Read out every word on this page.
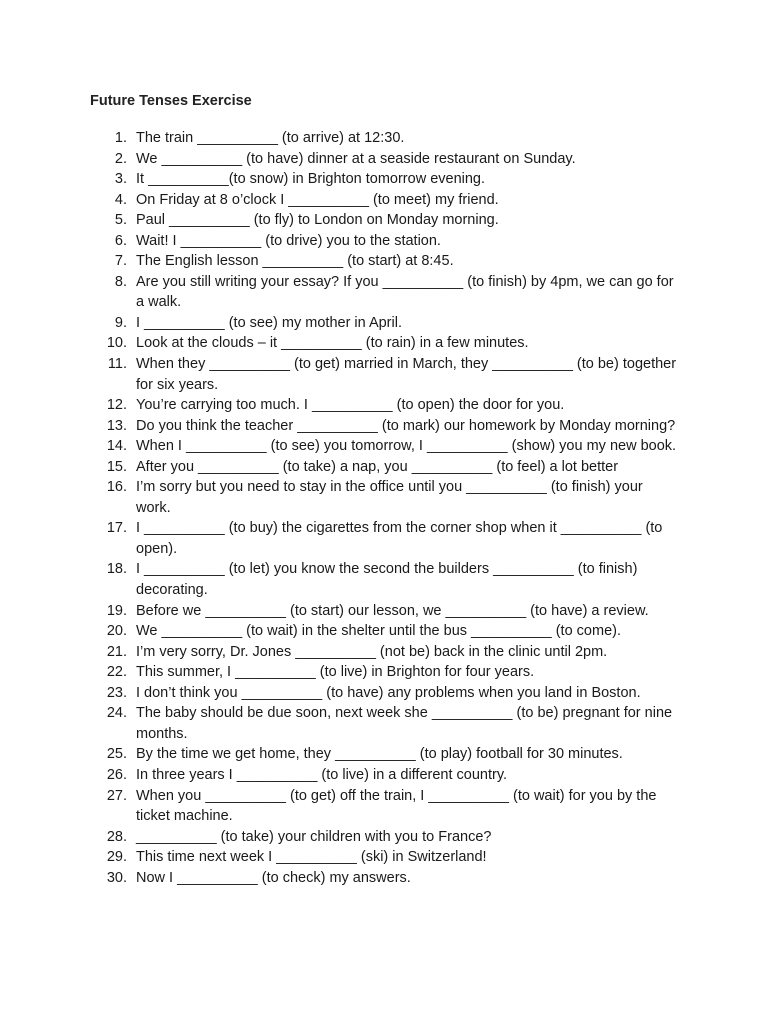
Future Tenses Exercise
1. The train __________ (to arrive) at 12:30.
2. We __________ (to have) dinner at a seaside restaurant on Sunday.
3. It __________(to snow) in Brighton tomorrow evening.
4. On Friday at 8 o’clock I __________ (to meet) my friend.
5. Paul __________ (to fly) to London on Monday morning.
6. Wait! I __________ (to drive) you to the station.
7. The English lesson __________ (to start) at 8:45.
8. Are you still writing your essay? If you __________ (to finish) by 4pm, we can go for a walk.
9. I __________ (to see) my mother in April.
10. Look at the clouds – it __________ (to rain) in a few minutes.
11. When they __________ (to get) married in March, they __________ (to be) together for six years.
12. You’re carrying too much. I __________ (to open) the door for you.
13. Do you think the teacher __________ (to mark) our homework by Monday morning?
14. When I __________ (to see) you tomorrow, I __________ (show) you my new book.
15. After you __________ (to take) a nap, you __________ (to feel) a lot better
16. I’m sorry but you need to stay in the office until you __________ (to finish) your work.
17. I __________ (to buy) the cigarettes from the corner shop when it __________ (to open).
18. I __________ (to let) you know the second the builders __________ (to finish) decorating.
19. Before we __________ (to start) our lesson, we __________ (to have) a review.
20. We __________ (to wait) in the shelter until the bus __________ (to come).
21. I’m very sorry, Dr. Jones __________ (not be) back in the clinic until 2pm.
22. This summer, I __________ (to live) in Brighton for four years.
23. I don’t think you __________ (to have) any problems when you land in Boston.
24. The baby should be due soon, next week she __________ (to be) pregnant for nine months.
25. By the time we get home, they __________ (to play) football for 30 minutes.
26. In three years I __________ (to live) in a different country.
27. When you __________ (to get) off the train, I __________ (to wait) for you by the ticket machine.
28. __________ (to take) your children with you to France?
29. This time next week I __________ (ski) in Switzerland!
30. Now I __________ (to check) my answers.
